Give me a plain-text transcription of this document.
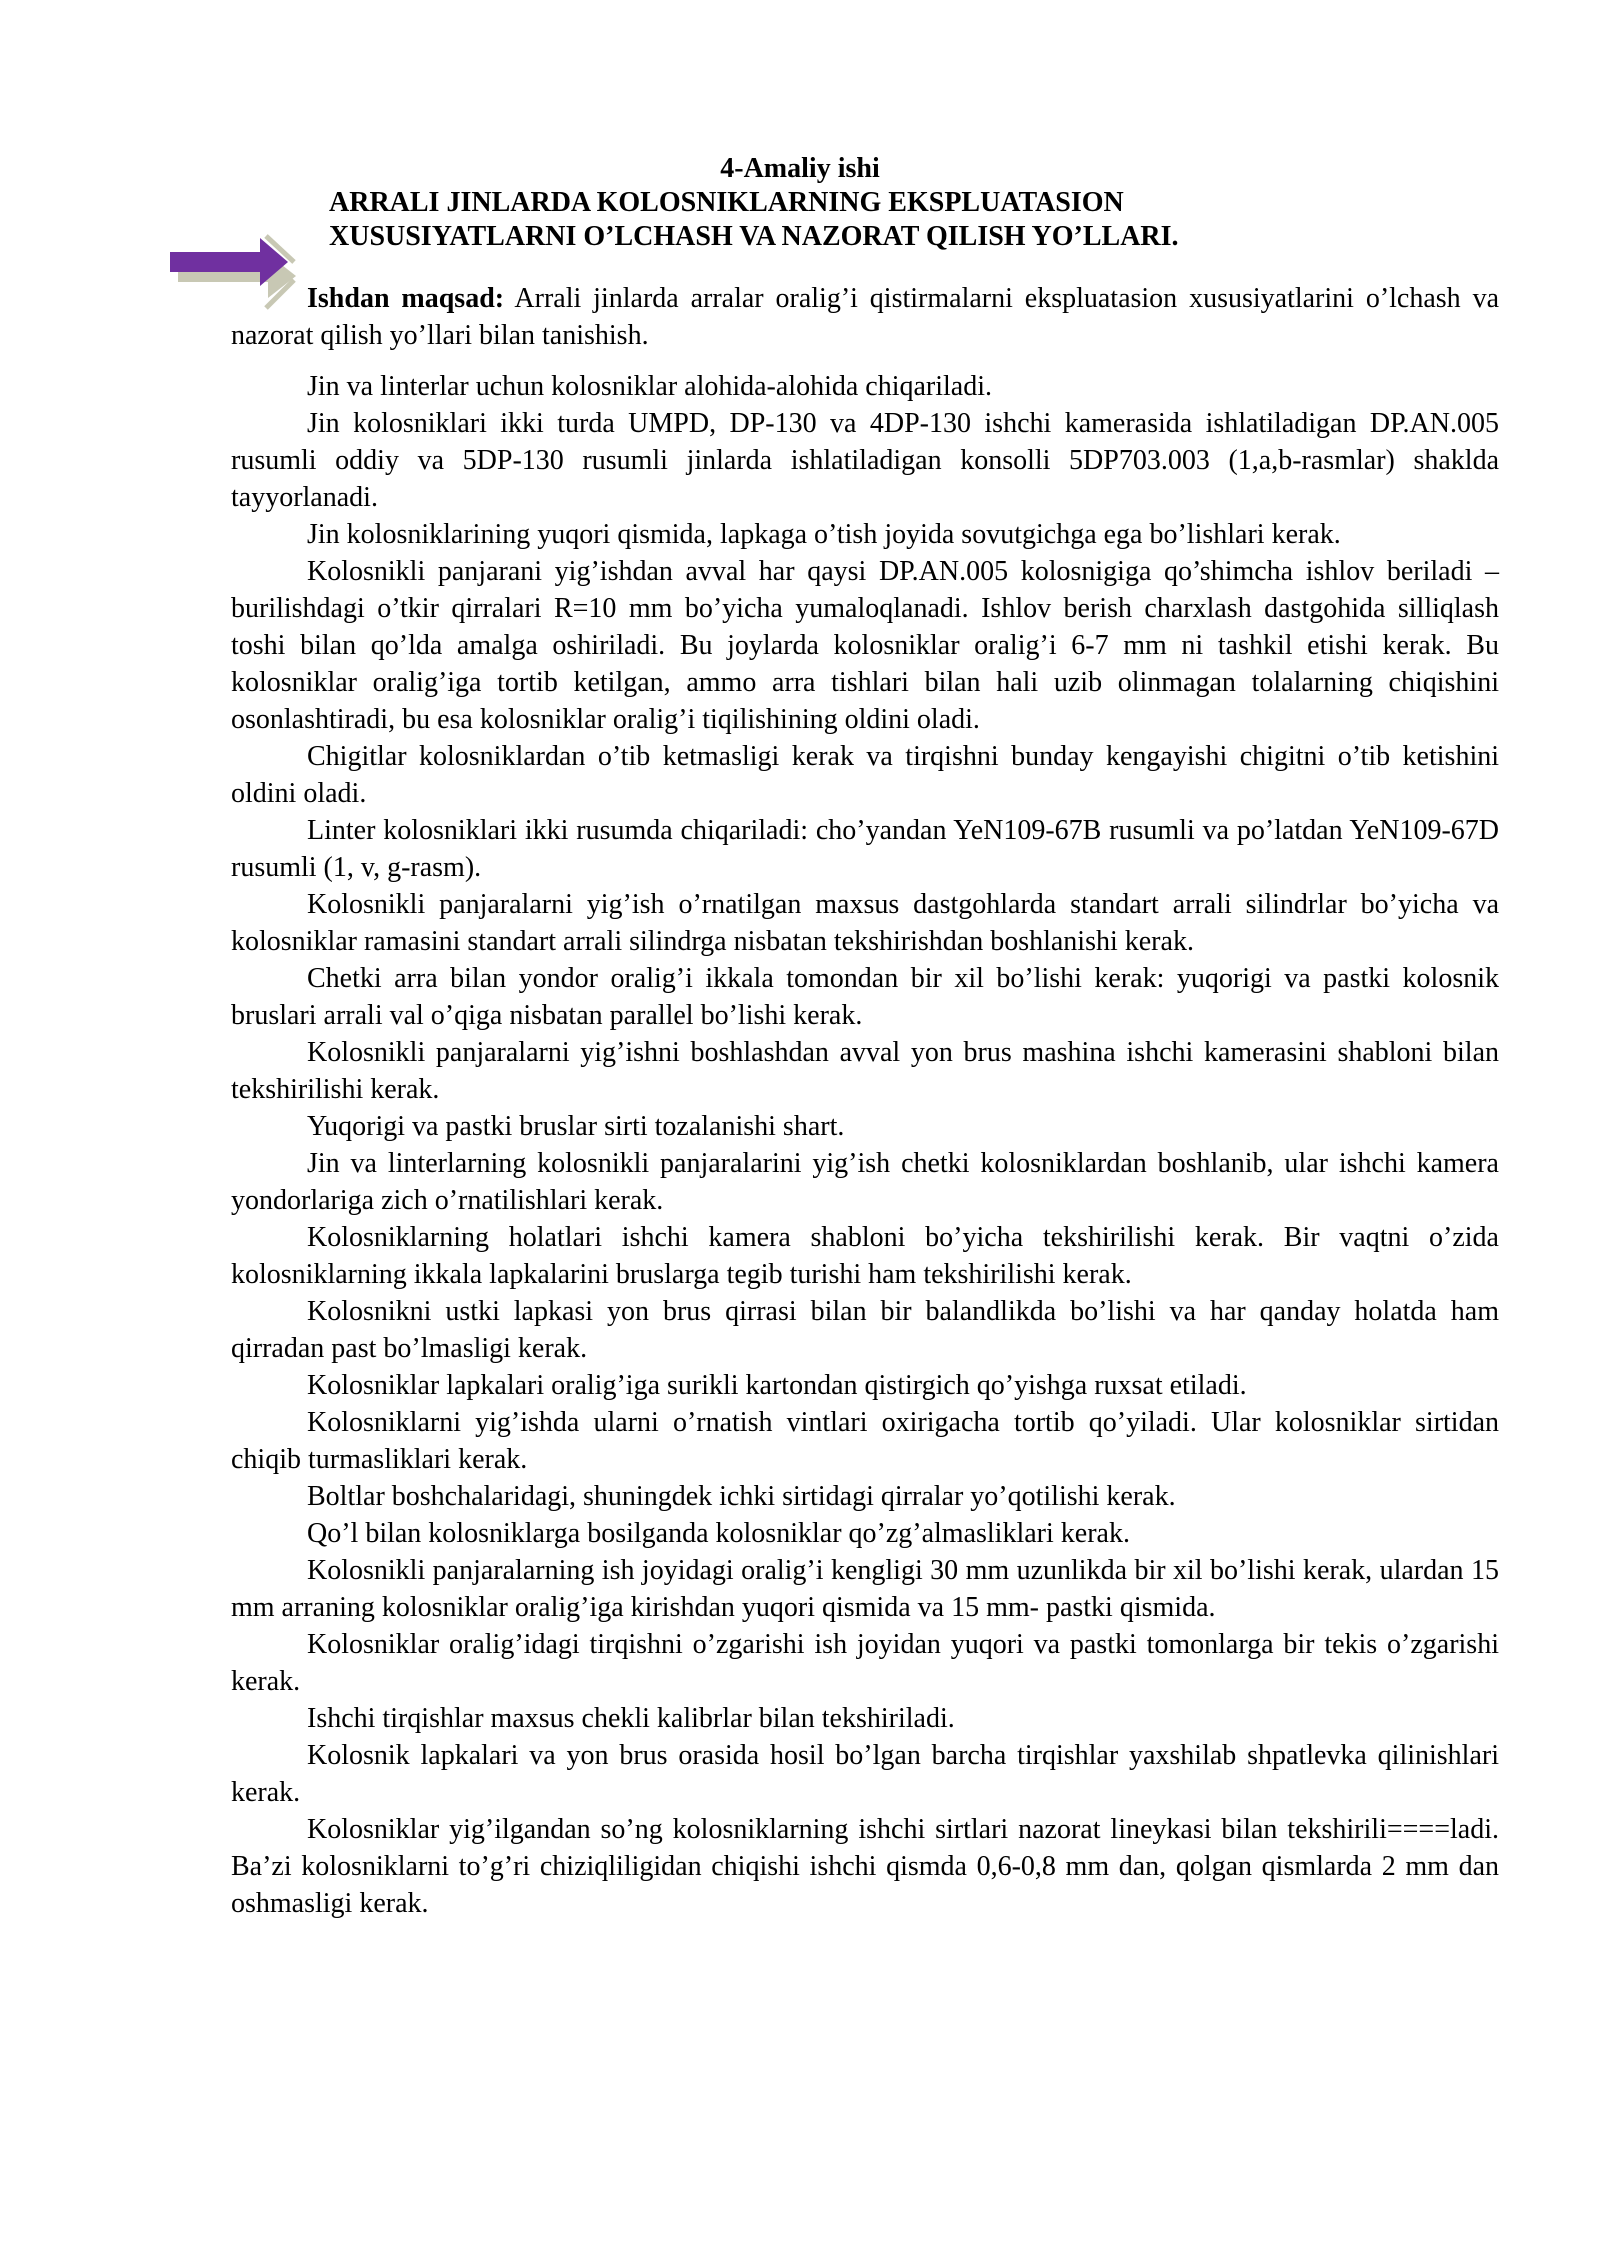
4-Amaliy ishi
ARRALI JINLARDA KOLOSNIKLARNING EKSPLUATASION
XUSUSIYATLARNI O’LCHASH VA NAZORAT QILISH YO’LLARI.

Ishdan maqsad: Arrali jinlarda arralar oralig’i qistirmalarni ekspluatasion xususiyatlarini o’lchash va nazorat qilish yo’llari bilan tanishish.

Jin va linterlar uchun kolosniklar alohida-alohida chiqariladi.

Jin kolosniklari ikki turda UMPD, DP-130 va 4DP-130 ishchi kamerasida ishlatiladigan DP.AN.005 rusumli oddiy va 5DP-130 rusumli jinlarda ishlatiladigan konsolli 5DP703.003 (1,a,b-rasmlar) shaklda tayyorlanadi.

Jin kolosniklarining yuqori qismida, lapkaga o’tish joyida sovutgichga ega bo’lishlari kerak.

Kolosnikli panjarani yig’ishdan avval har qaysi DP.AN.005 kolosnigiga qo’shimcha ishlov beriladi – burilishdagi o’tkir qirralari R=10 mm bo’yicha yumaloqlanadi. Ishlov berish charxlash dastgohida silliqlash toshi bilan qo’lda amalga oshiriladi. Bu joylarda kolosniklar oralig’i 6-7 mm ni tashkil etishi kerak. Bu kolosniklar oralig’iga tortib ketilgan, ammo arra tishlari bilan hali uzib olinmagan tolalarning chiqishini osonlashtiradi, bu esa kolosniklar oralig’i tiqilishining oldini oladi.

Chigitlar kolosniklardan o’tib ketmasligi kerak va tirqishni bunday kengayishi chigitni o’tib ketishini oldini oladi.

Linter kolosniklari ikki rusumda chiqariladi: cho’yandan YeN109-67B rusumli va po’latdan YeN109-67D rusumli (1, v, g-rasm).

Kolosnikli panjaralarni yig’ish o’rnatilgan maxsus dastgohlarda standart arrali silindrlar bo’yicha va kolosniklar ramasini standart arrali silindrga nisbatan tekshirishdan boshlanishi kerak.

Chetki arra bilan yondor oralig’i ikkala tomondan bir xil bo’lishi kerak: yuqorigi va pastki kolosnik bruslari arrali val o’qiga nisbatan parallel bo’lishi kerak.

Kolosnikli panjaralarni yig’ishni boshlashdan avval yon brus mashina ishchi kamerasini shabloni bilan tekshirilishi kerak.

Yuqorigi va pastki bruslar sirti tozalanishi shart.

Jin va linterlarning kolosnikli panjaralarini yig’ish chetki kolosniklardan boshlanib, ular ishchi kamera yondorlariga zich o’rnatilishlari kerak.

Kolosniklarning holatlari ishchi kamera shabloni bo’yicha tekshirilishi kerak. Bir vaqtni o’zida kolosniklarning ikkala lapkalarini bruslarga tegib turishi ham tekshirilishi kerak.

Kolosnikni ustki lapkasi yon brus qirrasi bilan bir balandlikda bo’lishi va har qanday holatda ham qirradan past bo’lmasligi kerak.

Kolosniklar lapkalari oralig’iga surikli kartondan qistirgich qo’yishga ruxsat etiladi.

Kolosniklarni yig’ishda ularni o’rnatish vintlari oxirigacha tortib qo’yiladi. Ular kolosniklar sirtidan chiqib turmasliklari kerak.

Boltlar boshchalaridagi, shuningdek ichki sirtidagi qirralar yo’qotilishi kerak.

Qo’l bilan kolosniklarga bosilganda kolosniklar qo’zg’almasliklari kerak.

Kolosnikli panjaralarning ish joyidagi oralig’i kengligi 30 mm uzunlikda bir xil bo’lishi kerak, ulardan 15 mm arraning kolosniklar oralig’iga kirishdan yuqori qismida va 15 mm- pastki qismida.

Kolosniklar oralig’idagi tirqishni o’zgarishi ish joyidan yuqori va pastki tomonlarga bir tekis o’zgarishi kerak.

Ishchi tirqishlar maxsus chekli kalibrlar bilan tekshiriladi.

Kolosnik lapkalari va yon brus orasida hosil bo’lgan barcha tirqishlar yaxshilab shpatlevka qilinishlari kerak.

Kolosniklar yig’ilgandan so’ng kolosniklarning ishchi sirtlari nazorat lineykasi bilan tekshirili====ladi. Ba’zi kolosniklarni to’g’ri chiziqliligidan chiqishi ishchi qismda 0,6-0,8 mm dan, qolgan qismlarda 2 mm dan oshmasligi kerak.
